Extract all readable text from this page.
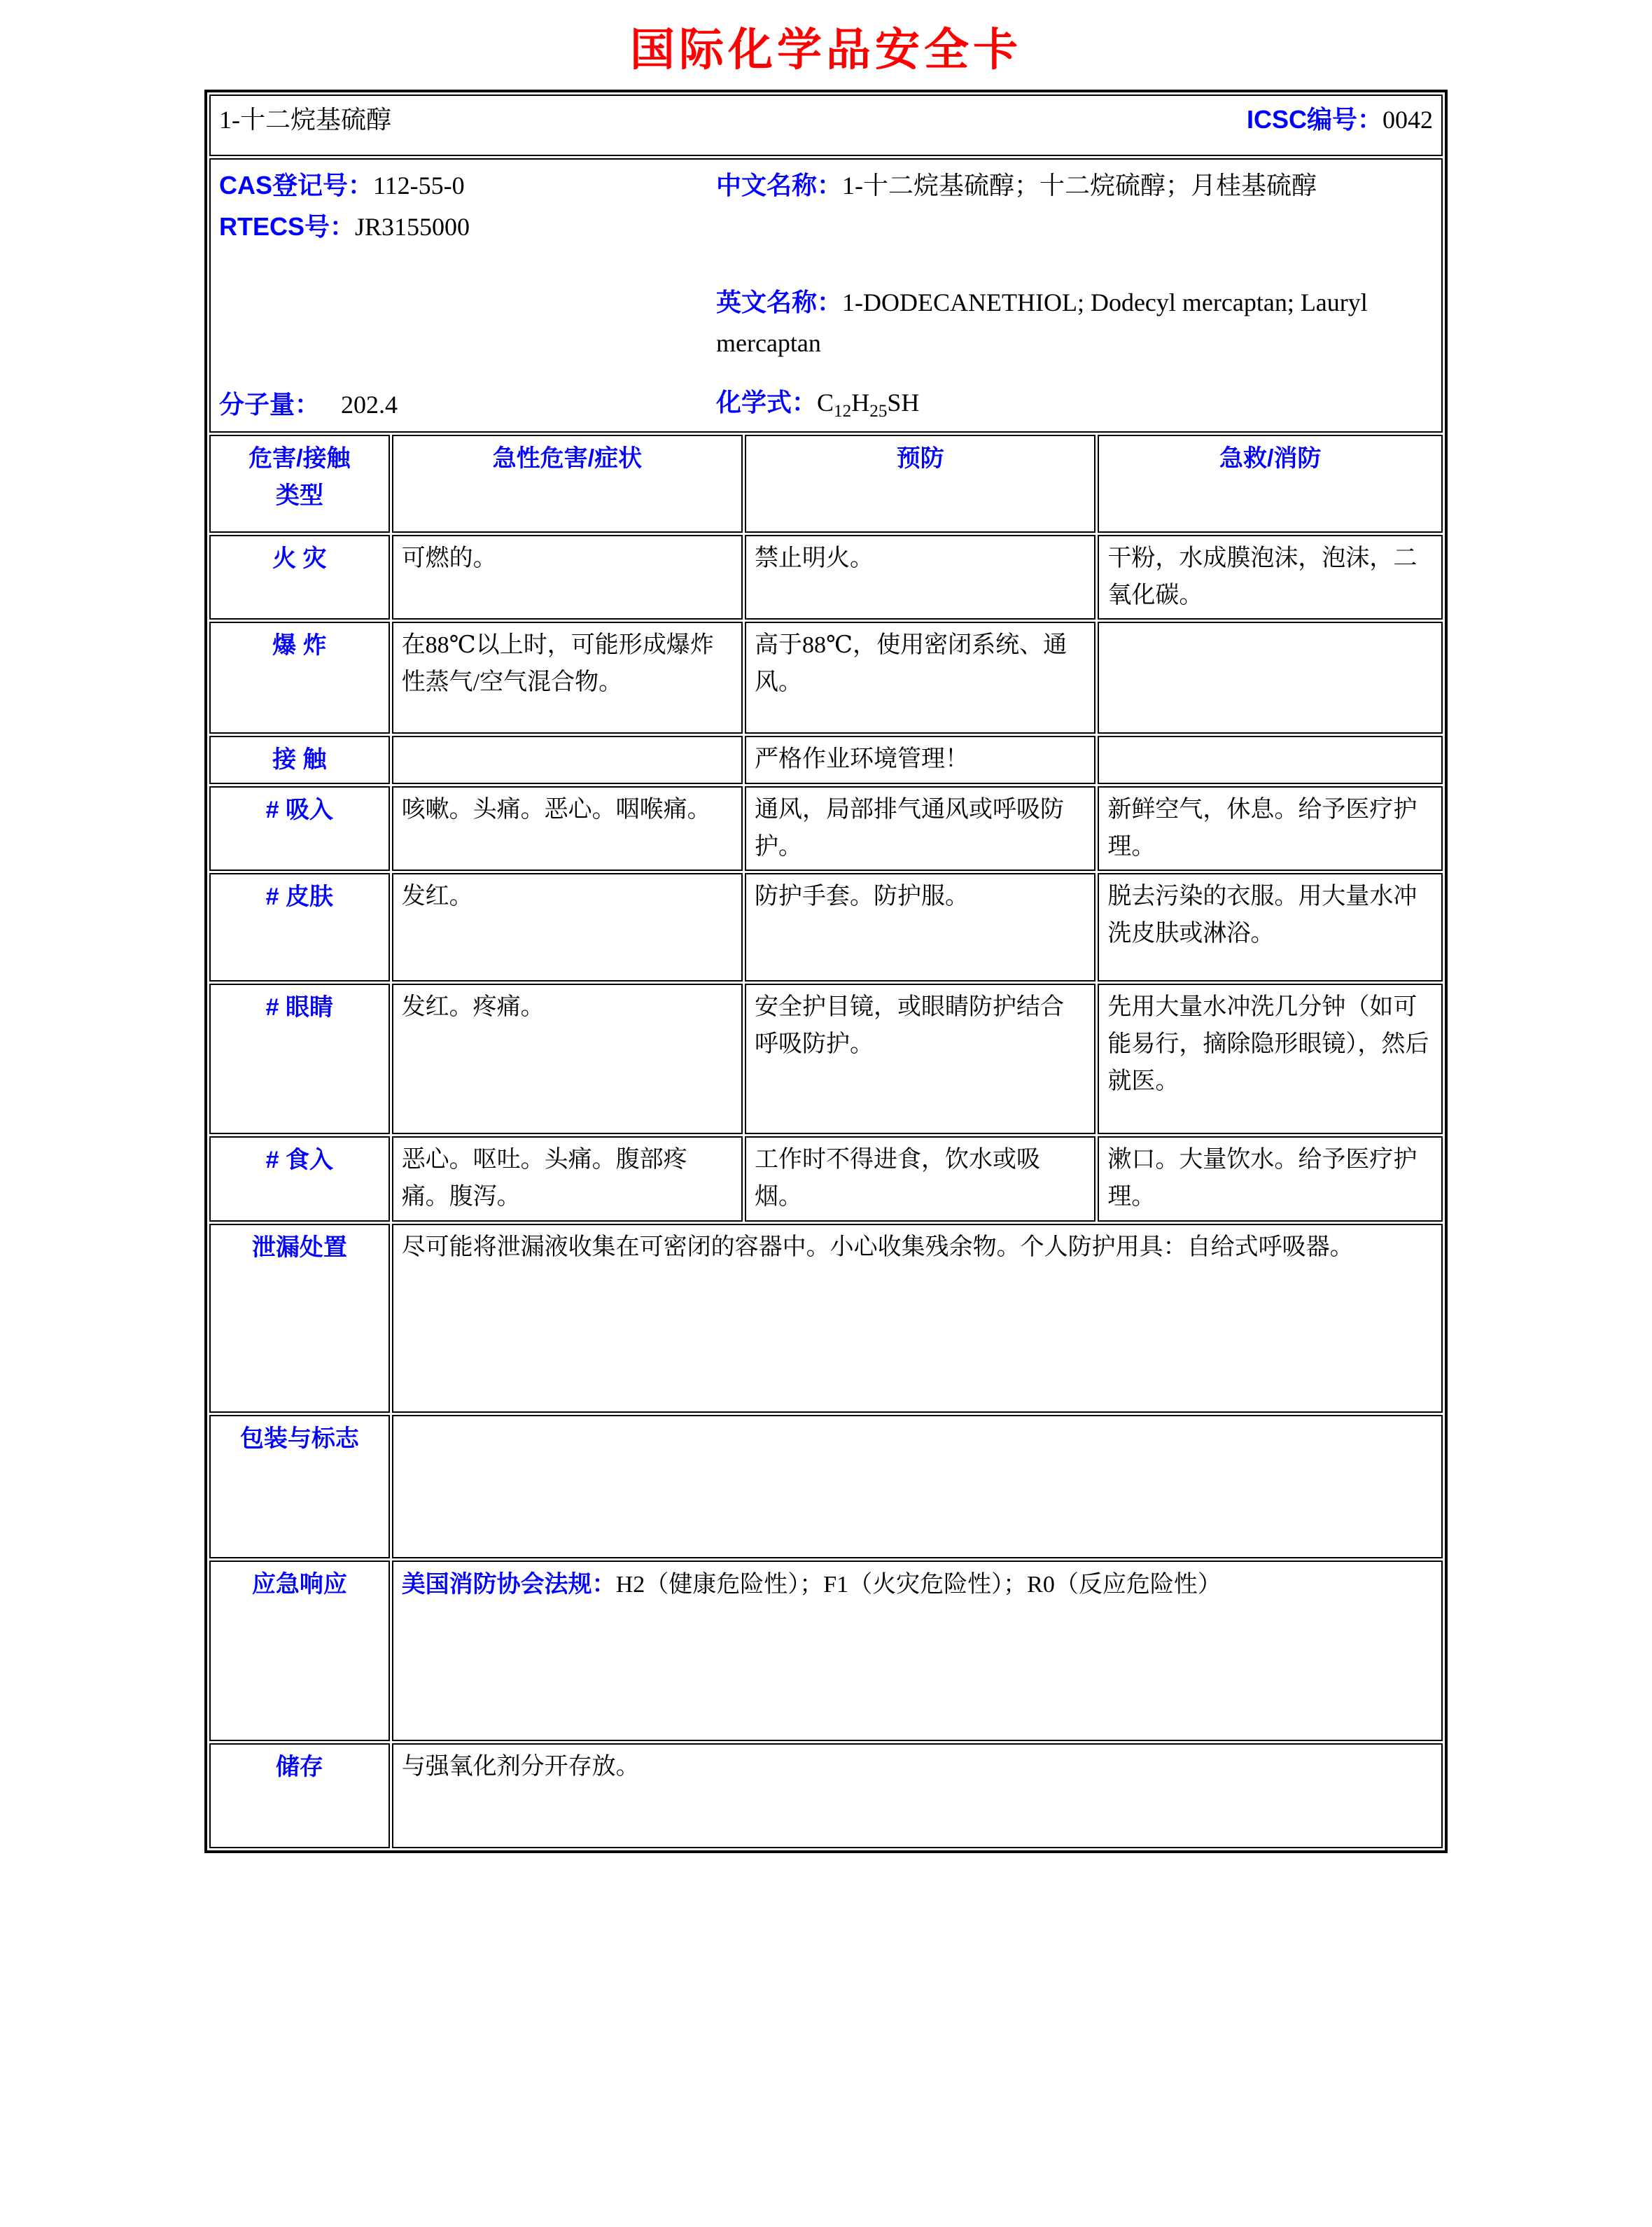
国际化学品安全卡
1-十二烷基硫醇 ICSC编号：0042			

CAS登记号：112-55-0
RTECS号：JR3155000
中文名称：1-十二烷基硫醇；十二烷硫醇；月桂基硫醇
英文名称：1-DODECANETHIOL; Dodecyl mercaptan; Lauryl mercaptan
分子量： 202.4	化学式：$C_{12}H_{25}SH$

危害/接触
类型	急性危害/症状	预防	急救/消防
火 灾	可燃的。	禁止明火。	干粉，水成膜泡沫，泡沫，二氧化碳。
爆 炸	在88℃以上时，可能形成爆炸性蒸气/空气混合物。	高于88℃，使用密闭系统、通风。	
接 触		严格作业环境管理！	
# 吸入	咳嗽。头痛。恶心。咽喉痛。	通风，局部排气通风或呼吸防护。	新鲜空气，休息。给予医疗护理。
# 皮肤	发红。	防护手套。防护服。	脱去污染的衣服。用大量水冲洗皮肤或淋浴。
# 眼睛	发红。疼痛。	安全护目镜，或眼睛防护结合呼吸防护。	先用大量水冲洗几分钟（如可能易行，摘除隐形眼镜），然后就医。
# 食入	恶心。呕吐。头痛。腹部疼痛。腹泻。	工作时不得进食，饮水或吸烟。	漱口。大量饮水。给予医疗护理。
泄漏处置	尽可能将泄漏液收集在可密闭的容器中。小心收集残余物。个人防护用具：自给式呼吸器。		
包装与标志			
应急响应	美国消防协会法规：H2（健康危险性）；F1（火灾危险性）；R0（反应危险性）		
储存	与强氧化剂分开存放。		
